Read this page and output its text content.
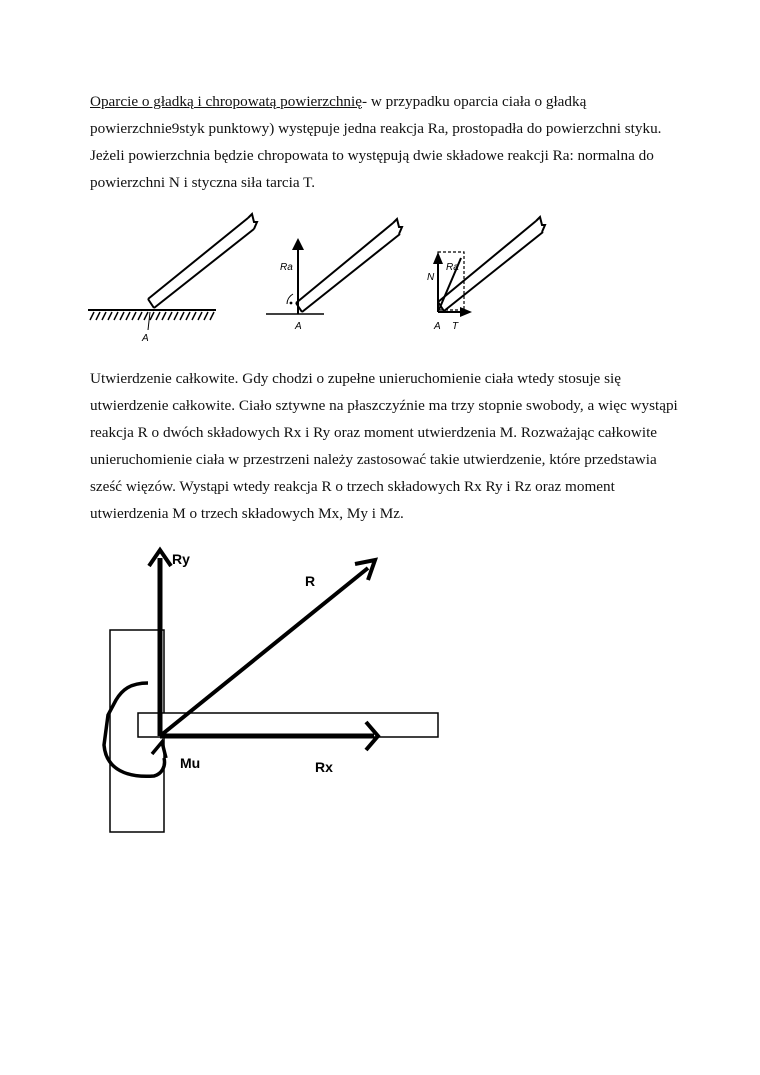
Oparcie o gładką i chropowatą powierzchnię- w przypadku oparcia ciała o gładką powierzchnie9styk punktowy) występuje jedna reakcja Ra, prostopadła do powierzchni styku. Jeżeli powierzchnia będzie chropowata to występują dwie składowe reakcji Ra: normalna do powierzchni N i styczna siła tarcia T.

A
Ra
A
N
Ra
A T

Utwierdzenie całkowite. Gdy chodzi o zupełne unieruchomienie ciała wtedy stosuje się utwierdzenie całkowite. Ciało sztywne na płaszczyźnie ma trzy stopnie swobody, a więc wystąpi reakcja R o dwóch składowych Rx i Ry oraz moment utwierdzenia M. Rozważając całkowite unieruchomienie ciała w przestrzeni należy zastosować takie utwierdzenie, które przedstawia sześć więzów. Wystąpi wtedy reakcja R o trzech składowych Rx Ry i Rz oraz moment utwierdzenia M o trzech składowych Mx, My i Mz.

Ry
R
Mu	Rx
